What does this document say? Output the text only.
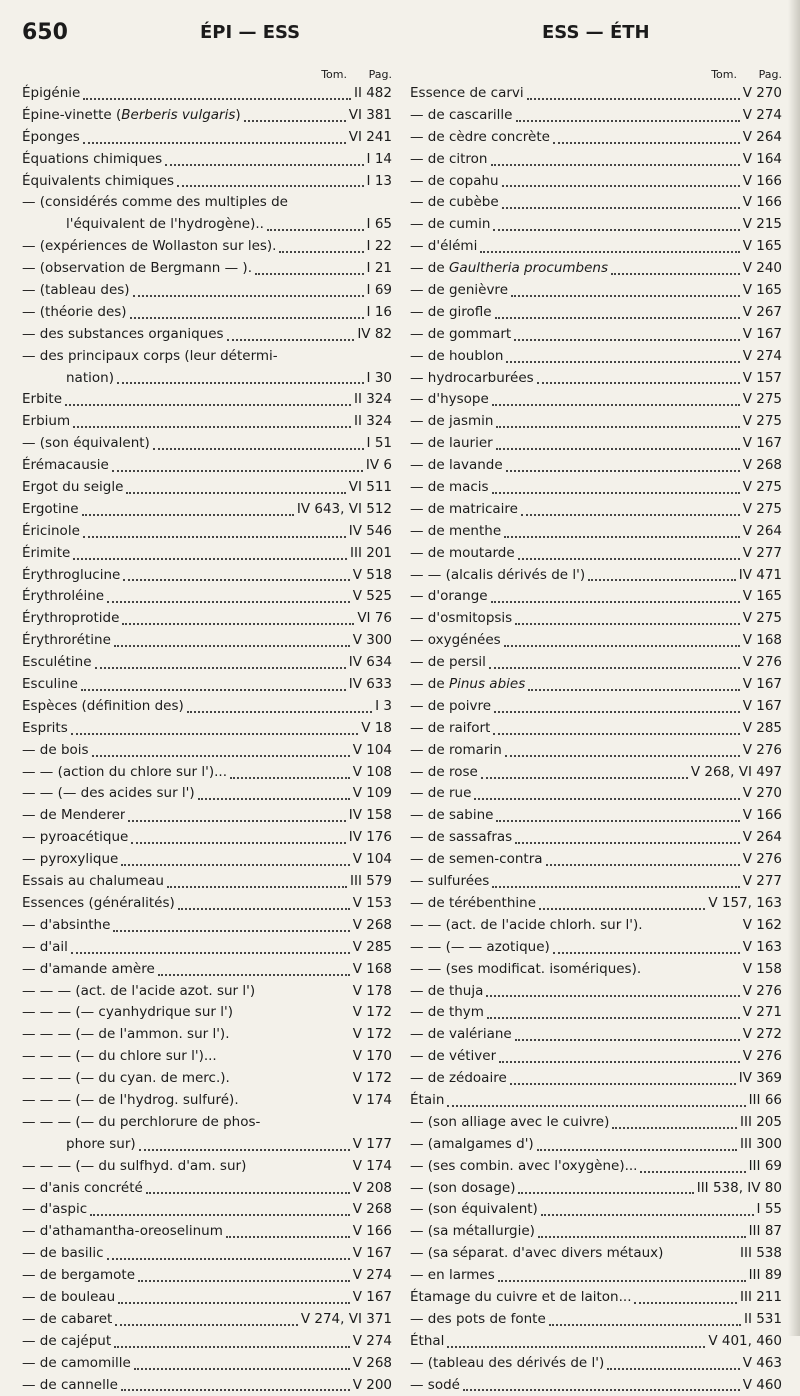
650	ÉPI — ESS	ESS — ÉTH
Tom. Pag.
Épigénie	II 482
Épine-vinette (Berberis vulgaris)	VI 381
Éponges	VI 241
Équations chimiques	I 14
Équivalents chimiques	I 13
— (considérés comme des multiples de
l'équivalent de l'hydrogène)..	I 65
— (expériences de Wollaston sur les).	I 22
— (observation de Bergmann — ).	I 21
— (tableau des)	I 69
— (théorie des)	I 16
— des substances organiques	IV 82
— des principaux corps (leur détermi-
nation)	I 30
Erbite	II 324
Erbium	II 324
— (son équivalent)	I 51
Érémacausie	IV 6
Ergot du seigle	VI 511
Ergotine	IV 643, VI 512
Éricinole	IV 546
Érimite	III 201
Érythroglucine	V 518
Érythroléine	V 525
Érythroprotide	VI 76
Érythrorétine	V 300
Esculétine	IV 634
Esculine	IV 633
Espèces (définition des)	I 3
Esprits	V 18
— de bois	V 104
— — (action du chlore sur l')...	V 108
— — (— des acides sur l')	V 109
— de Menderer	IV 158
— pyroacétique	IV 176
— pyroxylique	V 104
Essais au chalumeau	III 579
Essences (généralités)	V 153
— d'absinthe	V 268
— d'ail	V 285
— d'amande amère	V 168
— — — (act. de l'acide azot. sur l')	V 178
— — — (— cyanhydrique sur l')	V 172
— — — (— de l'ammon. sur l').	V 172
— — — (— du chlore sur l')...	V 170
— — — (— du cyan. de merc.).	V 172
— — — (— de l'hydrog. sulfuré).	V 174
— — — (— du perchlorure de phos-
phore sur)	V 177
— — — (— du sulfhyd. d'am. sur)	V 174
— d'anis concrété	V 208
— d'aspic	V 268
— d'athamantha-oreoselinum	V 166
— de basilic	V 167
— de bergamote	V 274
— de bouleau	V 167
— de cabaret	V 274, VI 371
— de cajéput	V 274
— de camomille	V 268
— de cannelle	V 200
Tom. Pag.
Essence de carvi	V 270
— de cascarille	V 274
— de cèdre concrète	V 264
— de citron	V 164
— de copahu	V 166
— de cubèbe	V 166
— de cumin	V 215
— d'élémi	V 165
— de Gaultheria procumbens	V 240
— de genièvre	V 165
— de girofle	V 267
— de gommart	V 167
— de houblon	V 274
— hydrocarburées	V 157
— d'hysope	V 275
— de jasmin	V 275
— de laurier	V 167
— de lavande	V 268
— de macis	V 275
— de matricaire	V 275
— de menthe	V 264
— de moutarde	V 277
— — (alcalis dérivés de l')	IV 471
— d'orange	V 165
— d'osmitopsis	V 275
— oxygénées	V 168
— de persil	V 276
— de Pinus abies	V 167
— de poivre	V 167
— de raifort	V 285
— de romarin	V 276
— de rose	V 268, VI 497
— de rue	V 270
— de sabine	V 166
— de sassafras	V 264
— de semen-contra	V 276
— sulfurées	V 277
— de térébenthine	V 157, 163
— — (act. de l'acide chlorh. sur l').	V 162
— — (— — azotique)	V 163
— — (ses modificat. isomériques).	V 158
— de thuja	V 276
— de thym	V 271
— de valériane	V 272
— de vétiver	V 276
— de zédoaire	IV 369
Étain	III 66
— (son alliage avec le cuivre)	III 205
— (amalgames d')	III 300
— (ses combin. avec l'oxygène)...	III 69
— (son dosage)	III 538, IV 80
— (son équivalent)	I 55
— (sa métallurgie)	III 87
— (sa séparat. d'avec divers métaux)	III 538
— en larmes	III 89
Étamage du cuivre et de laiton...	III 211
— des pots de fonte	II 531
Éthal	V 401, 460
— (tableau des dérivés de l')	V 463
— sodé	V 460
